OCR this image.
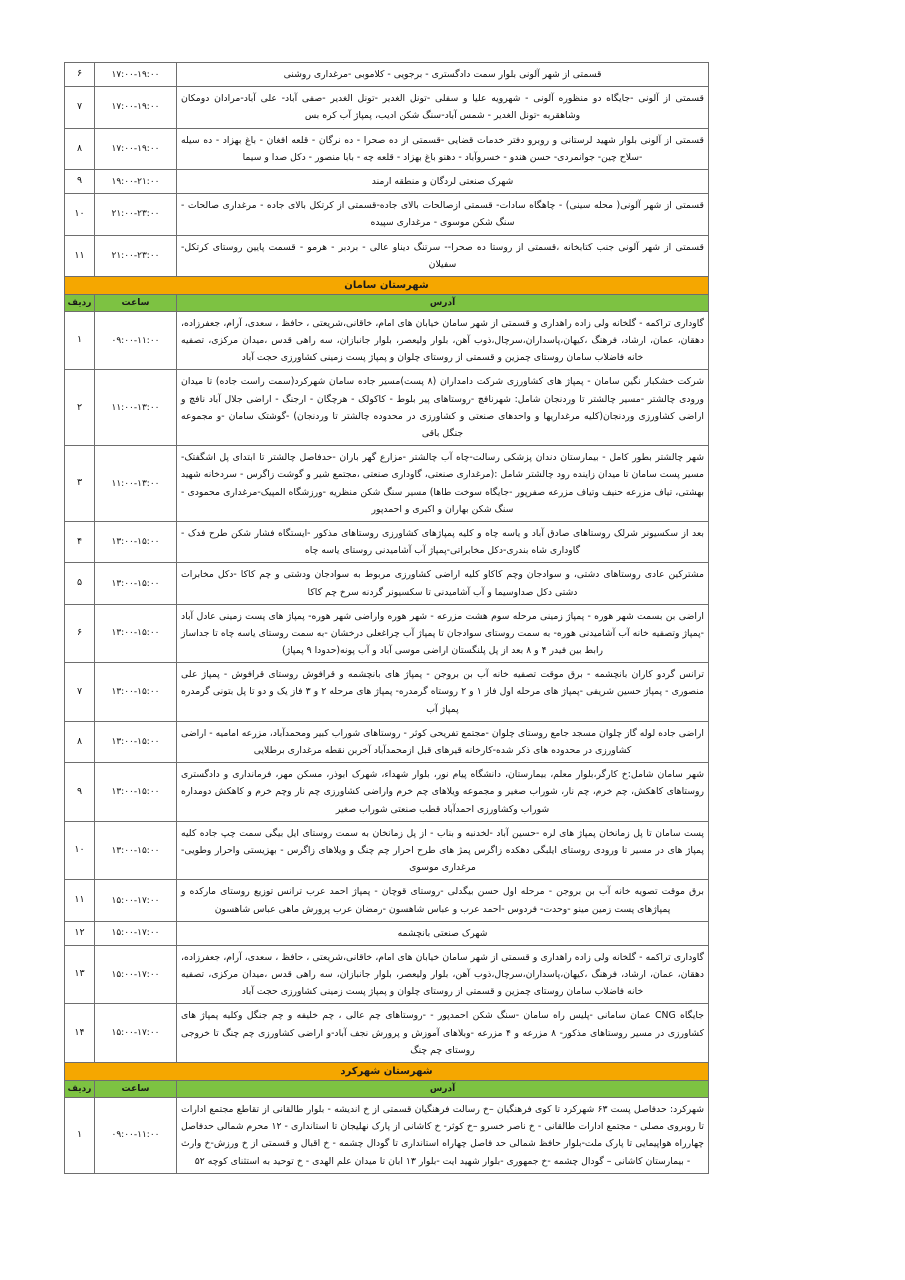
قسمتی از شهر آلونی بلوار سمت دادگستری - برجویی - کلاموبی -مرغداری روشنی	۱۷:۰۰-۱۹:۰۰	۶
قسمتی از آلونی -جایگاه دو منظوره آلونی - شهرویه علیا و سفلی -تونل الغدیر -تونل الغدیر -صفی آباد- علی آباد-مرادان دومکان وشاهقربه -تونل الغدیر - شمس آباد-سنگ شکن ادیب، پمپاژ آب کره بس	۱۷:۰۰-۱۹:۰۰	۷
قسمتی از آلونی بلوار شهید لرستانی و روبرو دفتر خدمات قضایی -قسمتی از ده صحرا - ده نرگان - قلعه افغان - باغ بهزاد - ده سیله -سلاح چین- جوانمردی- حسن هندو - خسروآباد - دهنو باغ بهزاد - قلعه چه - بابا منصور - دکل صدا و سیما	۱۷:۰۰-۱۹:۰۰	۸
شهرک صنعتی لردگان و منطقه ارمند	۱۹:۰۰-۲۱:۰۰	۹
قسمتی از شهر آلونی( محله سینی) - چاهگاه سادات- قسمتی ازصالحات بالای جاده-قسمتی از کرتکل بالای جاده - مرغداری صالحات - سنگ شکن موسوی - مرغداری سپیده	۲۱:۰۰-۲۳:۰۰	۱۰
قسمتی از شهر آلونی جنب کتابخانه ،قسمتی از روستا ده صحرا-- سرتنگ دیناو عالی - بردبر - هرمو - قسمت پایین روستای کرتکل- سفیلان	۲۱:۰۰-۲۳:۰۰	۱۱
شهرستان سامان		
آدرس	ساعت	رديف
گاوداری تراکمه - گلخانه ولی زاده راهداری و قسمتی از شهر سامان خیابان های امام، خاقانی،شریعتی ، حافظ ، سعدی، آرام، جعفرزاده، دهقان، عمان، ارشاد، فرهنگ ،کیهان،پاسداران،سرچال،ذوب آهن، بلوار ولیعصر، بلوار جانبازان، سه راهی قدس ،میدان مرکزی، تصفیه خانه فاضلاب سامان روستای چمزین و قسمتی از روستای چلوان و پمپاژ پست زمینی کشاورزی حجت آباد	۰۹:۰۰-۱۱:۰۰	۱
شرکت خشکبار نگین سامان - پمپاژ های کشاورزی شرکت دامداران (۸ پست)مسیر جاده سامان شهرکرد(سمت راست جاده) تا میدان ورودی چالشتر -مسیر چالشتر تا وردنجان شامل: شهرنافچ -روستاهای پیر بلوط - کاکولک - هرچگان - ارجنگ - اراضی جلال آباد نافچ و اراضی کشاورزی وردنجان(کلیه مرغداریها و واحدهای صنعتی و کشاورزی در محدوده چالشتر تا وردنجان) -گوشتک سامان -و مجموعه جنگل باقی	۱۱:۰۰-۱۳:۰۰	۲
شهر چالشتر بطور کامل - بیمارستان دندان پزشکی رسالت-چاه آب چالشتر -مزارع گهر باران -حدفاصل چالشتر تا ابتدای پل اشگفتک- مسیر پست سامان تا میدان زاینده رود چالشتر شامل :(مرغداری صنعتی، گاوداری صنعتی ،مجتمع شیر و گوشت زاگرس - سردخانه شهید بهشتی، تیاف مزرعه حنیف وتیاف مزرعه صفرپور -جایگاه سوخت طاها) مسیر سنگ شکن منظریه -ورزشگاه المپیک-مرغداری محمودی - سنگ شکن بهاران و اکبری و احمدپور	۱۱:۰۰-۱۳:۰۰	۳
بعد از سکسیونر شرلک روستاهای صادق آباد و یاسه چاه و کلیه پمپاژهای کشاورزی روستاهای مذکور -ایستگاه فشار شکن طرح فدک - گاوداری شاه بندری-دکل مخابراتی-پمپاژ آب آشامیدنی روستای یاسه چاه	۱۳:۰۰-۱۵:۰۰	۴
مشترکین عادی روستاهای دشتی، و سوادجان وچم کاکاو کلیه اراضی کشاورزی مربوط به سوادجان ودشتی و چم کاکا -دکل مخابرات دشتی دکل صداوسیما و آب آشامیدنی تا سکسیونر گردنه سرخ چم کاکا	۱۳:۰۰-۱۵:۰۰	۵
اراضی بن بسمت شهر هوره - پمپاژ زمینی مرحله سوم هشت مزرعه - شهر هوره واراضی شهر هوره- پمپاژ های پست زمینی عادل آباد -پمپاژ وتصفیه خانه آب آشامیدنی هوره- به سمت روستای سوادجان تا پمپاژ آب چراغعلی درخشان -به سمت روستای یاسه چاه تا جداساز رابط بین فیدر ۴ و ۸ بعد از پل پلنگستان اراضی موسی آباد و آب پونه(حدودا ۹ پمپاژ)	۱۳:۰۰-۱۵:۰۰	۶
ترانس گردو کاران بانچشمه - برق موقت تصفیه خانه آب بن بروجن - پمپاژ های بانچشمه و قرافوش روستای قرافوش - پمپاژ علی منصوری - پمپاژ حسین شریفی -پمپاژ های مرحله اول فاز ۱ و ۲ روستاه گرمدره- پمپاژ های مرحله ۲ و ۳ فاز یک و دو تا پل بتونی گرمدره پمپاژ آب	۱۳:۰۰-۱۵:۰۰	۷
اراضی جاده لوله گاز چلوان مسجد جامع روستای چلوان -مجتمع تفریحی کوثر - روستاهای شوراب کبیر ومحمدآباد، مزرعه امامیه - اراضی کشاورزی در محدوده های ذکر شده-کارخانه قیرهای قبل ازمحمدآباد آخربن نقطه مرغداری برطلایی	۱۳:۰۰-۱۵:۰۰	۸
شهر سامان شامل:خ کارگر،بلوار معلم، بیمارستان، دانشگاه پیام نور، بلوار شهداء، شهرک ابوذر، مسکن مهر، فرمانداری و دادگستری روستاهای کاهکش، چم خرم، چم نار، شوراب صغیر و مجموعه ویلاهای چم خرم واراضی کشاورزی چم نار وچم خرم و کاهکش دومداره شوراب وکشاورزی احمدآباد قطب صنعتی شوراب صغیر	۱۳:۰۰-۱۵:۰۰	۹
پست سامان تا پل زمانخان پمپاژ های لره -حسین آباد -لخدنبه و بناب - از پل زمانخان به سمت روستای ایل بیگی سمت چپ جاده کلیه پمپاژ های در مسیر تا ورودی روستای ایلبگی دهکده زاگرس پمژ های طرح احرار چم چنگ و ویلاهای زاگرس - بهزیستی واحرار وطویی- مرغداری موسوی	۱۳:۰۰-۱۵:۰۰	۱۰
برق موقت تصویه خانه آب بن بروجن - مرحله اول حسن بیگدلی -روستای قوچان - پمپاژ احمد عرب ترانس توزیع روستای مارکده و پمپاژهای پست زمین مینو -وحدت- فردوس -احمد عرب و عباس شاهسون -رمضان عرب پرورش ماهی عباس شاهسون	۱۵:۰۰-۱۷:۰۰	۱۱
شهرک صنعتی بانچشمه	۱۵:۰۰-۱۷:۰۰	۱۲
گاوداری تراکمه - گلخانه ولی زاده راهداری و قسمتی از شهر سامان خیابان های امام، خاقانی،شریعتی ، حافظ ، سعدی، آرام، جعفرزاده، دهقان، عمان، ارشاد، فرهنگ ،کیهان،پاسداران،سرچال،ذوب آهن، بلوار ولیعصر، بلوار جانبازان، سه راهی قدس ،میدان مرکزی، تصفیه خانه فاضلاب سامان روستای چمزین و قسمتی از روستای چلوان و پمپاژ پست زمینی کشاورزی حجت آباد	۱۵:۰۰-۱۷:۰۰	۱۳
جایگاه CNG عمان سامانی -پلیس راه سامان -سنگ شکن احمدپور - -روستاهای چم عالی ، چم خلیفه و چم جنگل وکلیه پمپاژ های کشاورزی در مسیر روستاهای مذکور- ۸ مزرعه و ۴ مزرعه -وبلاهای آموزش و پرورش نجف آباد-و اراضی کشاورزی چم چنگ تا خروجی روستای چم چنگ	۱۵:۰۰-۱۷:۰۰	۱۴
شهرستان شهرکرد		
آدرس	ساعت	رديف
شهرکرد: حدفاصل پست ۶۳ شهرکرد تا کوی فرهنگیان –خ رسالت فرهنگیان قسمتی از خ اندیشه - بلوار طالقانی از تقاطع مجتمع ادارات تا روبروی مصلی - مجتمع ادارات طالقانی - خ ناصر خسرو –خ کوثر- خ کاشانی از پارک نهلیجان تا استانداری - ۱۲ محرم شمالی حدفاصل چهارراه هواپیمایی تا پارک ملت-بلوار حافظ شمالی حد فاصل چهاراه استانداری تا گودال چشمه - خ اقبال و قسمتی از خ ورزش-خ وارث - بیمارستان کاشانی – گودال چشمه -خ جمهوری -بلوار شهید ایت -بلوار ۱۳ ابان تا میدان علم الهدی - خ توحید به استثنای کوچه ۵۲	۰۹:۰۰-۱۱:۰۰	۱
